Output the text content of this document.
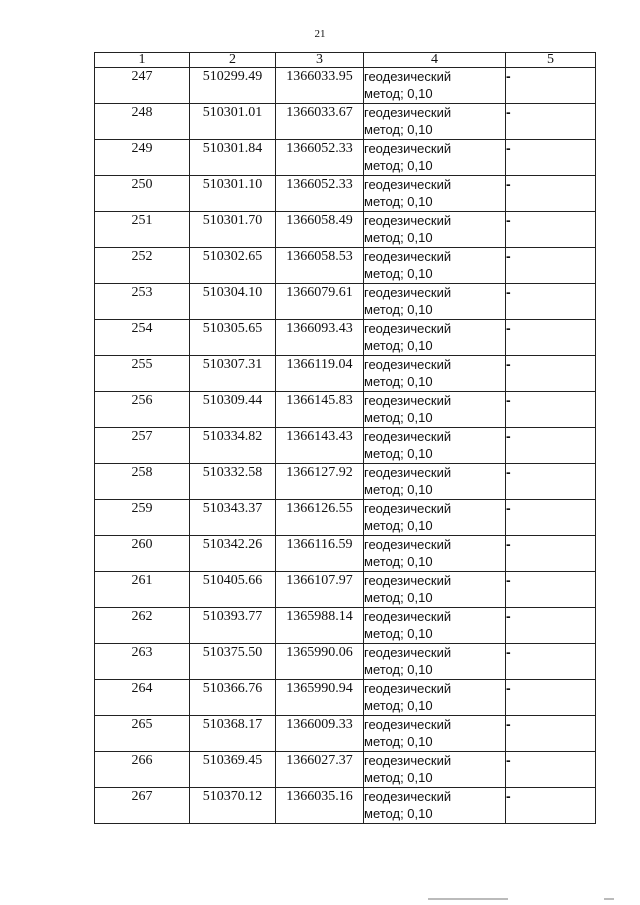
21
1	2	3	4	5
247	510299.49	1366033.95	геодезический
метод; 0,10	-
248	510301.01	1366033.67	геодезический
метод; 0,10	-
249	510301.84	1366052.33	геодезический
метод; 0,10	-
250	510301.10	1366052.33	геодезический
метод; 0,10	-
251	510301.70	1366058.49	геодезический
метод; 0,10	-
252	510302.65	1366058.53	геодезический
метод; 0,10	-
253	510304.10	1366079.61	геодезический
метод; 0,10	-
254	510305.65	1366093.43	геодезический
метод; 0,10	-
255	510307.31	1366119.04	геодезический
метод; 0,10	-
256	510309.44	1366145.83	геодезический
метод; 0,10	-
257	510334.82	1366143.43	геодезический
метод; 0,10	-
258	510332.58	1366127.92	геодезический
метод; 0,10	-
259	510343.37	1366126.55	геодезический
метод; 0,10	-
260	510342.26	1366116.59	геодезический
метод; 0,10	-
261	510405.66	1366107.97	геодезический
метод; 0,10	-
262	510393.77	1365988.14	геодезический
метод; 0,10	-
263	510375.50	1365990.06	геодезический
метод; 0,10	-
264	510366.76	1365990.94	геодезический
метод; 0,10	-
265	510368.17	1366009.33	геодезический
метод; 0,10	-
266	510369.45	1366027.37	геодезический
метод; 0,10	-
267	510370.12	1366035.16	геодезический
метод; 0,10	-
